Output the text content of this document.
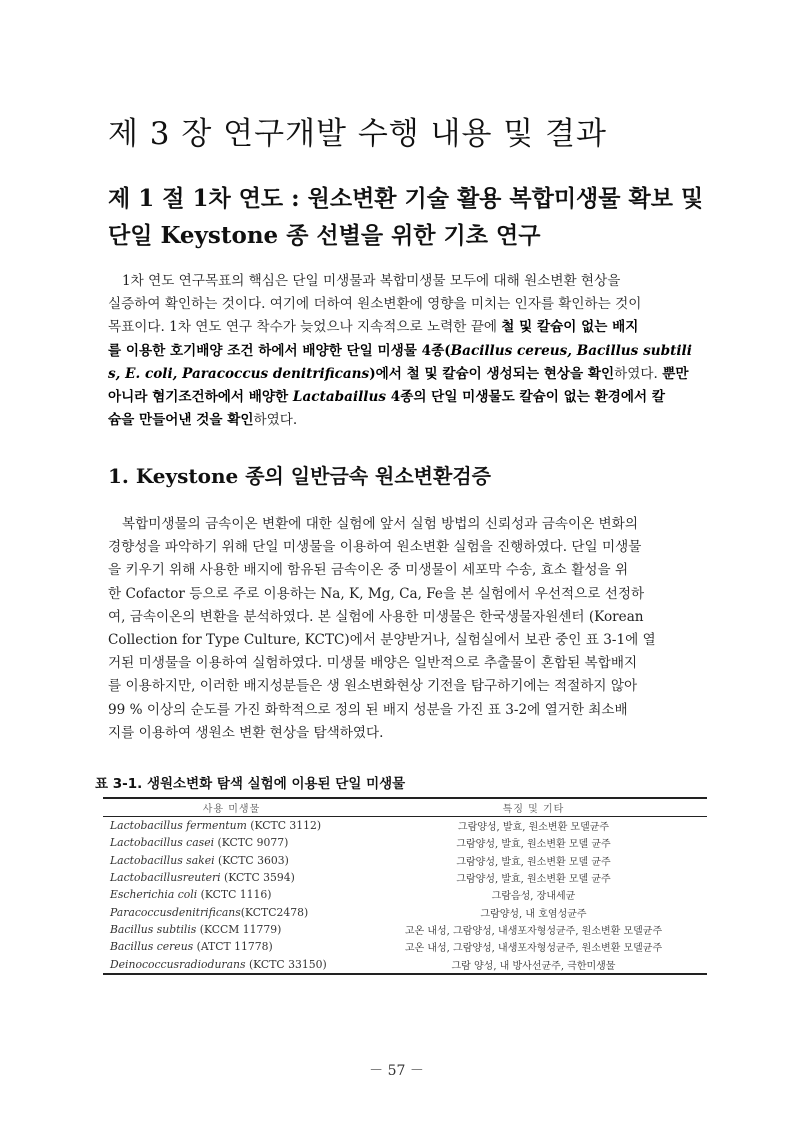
제 3 장 연구개발 수행 내용 및 결과
제 1 절 1차 연도 : 원소변환 기술 활용 복합미생물 확보 및
단일 Keystone 종 선별을 위한 기초 연구
1차 연도 연구목표의 핵심은 단일 미생물과 복합미생물 모두에 대해 원소변환 현상을
실증하여 확인하는 것이다. 여기에 더하여 원소변환에 영향을 미치는 인자를 확인하는 것이
목표이다. 1차 연도 연구 착수가 늦었으나 지속적으로 노력한 끝에 철 및 칼슘이 없는 배지
를 이용한 호기배양 조건 하에서 배양한 단일 미생물 4종(Bacillus cereus, Bacillus subtili
s, E. coli, Paracoccus denitrificans)에서 철 및 칼슘이 생성되는 현상을 확인하였다. 뿐만
아니라 혐기조건하에서 배양한 Lactabaillus 4종의 단일 미생물도 칼슘이 없는 환경에서 칼
슘을 만들어낸 것을 확인하였다.
1. Keystone 종의 일반금속 원소변환검증
복합미생물의 금속이온 변환에 대한 실험에 앞서 실험 방법의 신뢰성과 금속이온 변화의
경향성을 파악하기 위해 단일 미생물을 이용하여 원소변환 실험을 진행하였다. 단일 미생물
을 키우기 위해 사용한 배지에 함유된 금속이온 중 미생물이 세포막 수송, 효소 활성을 위
한 Cofactor 등으로 주로 이용하는 Na, K, Mg, Ca, Fe을 본 실험에서 우선적으로 선정하
여, 금속이온의 변환을 분석하였다. 본 실험에 사용한 미생물은 한국생물자원센터 (Korean
Collection for Type Culture, KCTC)에서 분양받거나, 실험실에서 보관 중인 표 3-1에 열
거된 미생물을 이용하여 실험하였다. 미생물 배양은 일반적으로 추출물이 혼합된 복합배지
를 이용하지만, 이러한 배지성분들은 생 원소변화현상 기전을 탐구하기에는 적절하지 않아
99 % 이상의 순도를 가진 화학적으로 정의 된 배지 성분을 가진 표 3-2에 열거한 최소배
지를 이용하여 생원소 변환 현상을 탐색하였다.

표 3-1. 생원소변화 탐색 실험에 이용된 단일 미생물

사용 미생물	특징 및 기타
Lactobacillus fermentum (KCTC 3112)	그람양성, 발효, 원소변환 모델균주
Lactobacillus casei (KCTC 9077)	그람양성, 발효, 원소변환 모델 균주
Lactobacillus sakei (KCTC 3603)	그람양성, 발효, 원소변환 모델 균주
Lactobacillusreuteri (KCTC 3594)	그람양성, 발효, 원소변환 모델 균주
Escherichia coli (KCTC 1116)	그람음성, 장내세균
Paracoccusdenitrificans(KCTC2478)	그람양성, 내 호염성균주
Bacillus subtilis (KCCM 11779)	고온 내성, 그람양성, 내생포자형성균주, 원소변환 모델균주
Bacillus cereus (ATCT 11778)	고온 내성, 그람양성, 내생포자형성균주, 원소변환 모델균주
Deinococcusradiodurans (KCTC 33150)	그람 양성, 내 방사선균주, 극한미생물

－ 57 －
